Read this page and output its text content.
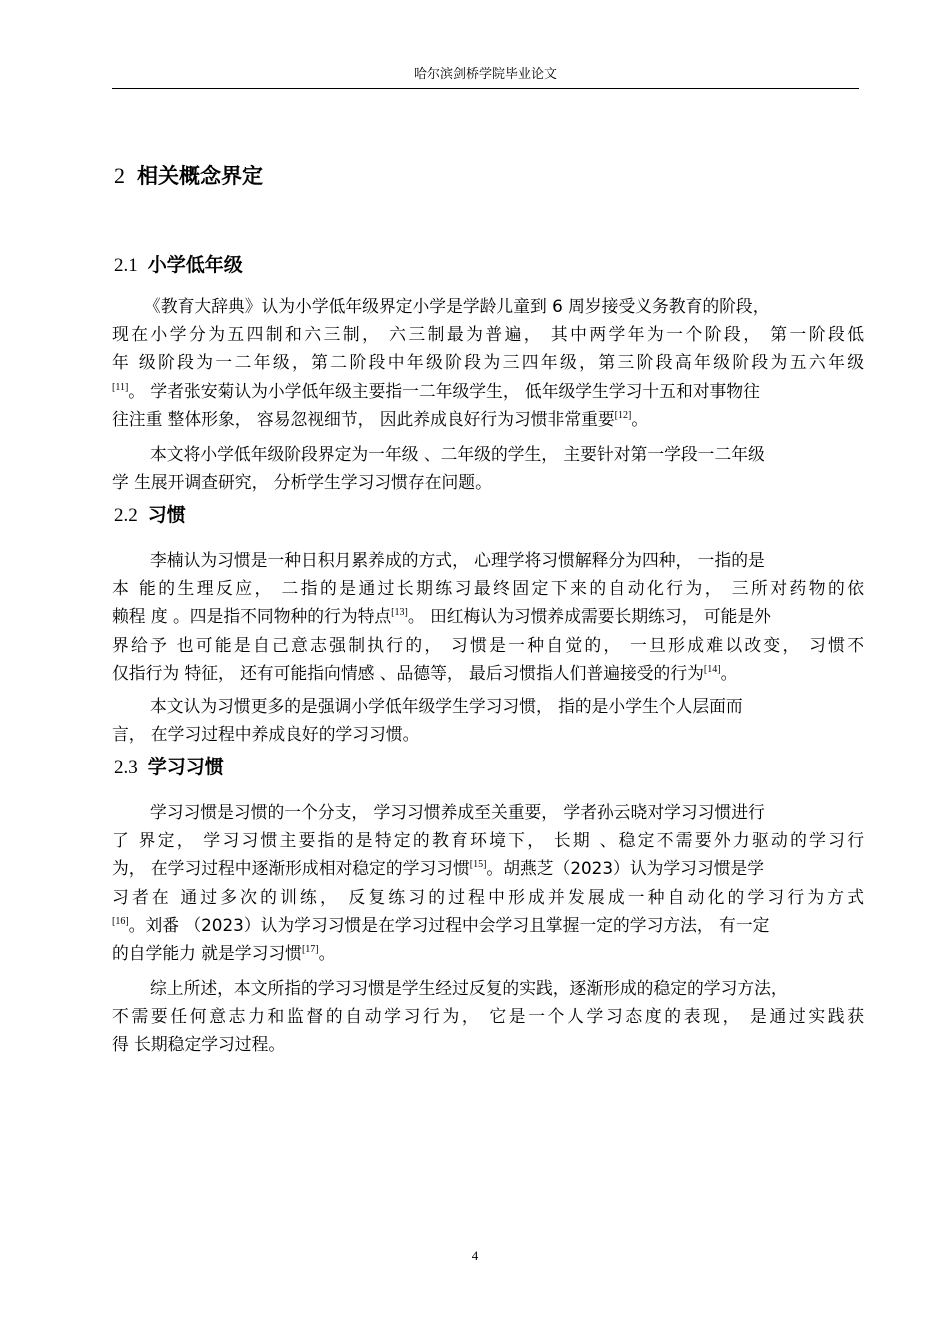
哈尔滨剑桥学院毕业论文
2 相关概念界定
2.1 小学低年级
《教育大辞典》认为小学低年级界定小学是学龄儿童到 6 周岁接受义务教育的阶段，
现在小学分为五四制和六三制， 六三制最为普遍， 其中两学年为一个阶段， 第一阶段低
年 级阶段为一二年级，第二阶段中年级阶段为三四年级，第三阶段高年级阶段为五六年级
[11]。 学者张安菊认为小学低年级主要指一二年级学生， 低年级学生学习十五和对事物往
往注重 整体形象， 容易忽视细节， 因此养成良好行为习惯非常重要[12]。
本文将小学低年级阶段界定为一年级 、二年级的学生， 主要针对第一学段一二年级
学 生展开调查研究， 分析学生学习习惯存在问题。
2.2 习惯
李楠认为习惯是一种日积月累养成的方式， 心理学将习惯解释分为四种， 一指的是
本 能的生理反应， 二指的是通过长期练习最终固定下来的自动化行为， 三所对药物的依
赖程 度 。四是指不同物种的行为特点[13]。 田红梅认为习惯养成需要长期练习， 可能是外
界给予 也可能是自己意志强制执行的， 习惯是一种自觉的， 一旦形成难以改变， 习惯不
仅指行为 特征， 还有可能指向情感 、品德等， 最后习惯指人们普遍接受的行为[14]。
本文认为习惯更多的是强调小学低年级学生学习习惯， 指的是小学生个人层面而
言， 在学习过程中养成良好的学习习惯。
2.3 学习习惯
学习习惯是习惯的一个分支， 学习习惯养成至关重要， 学者孙云晓对学习习惯进行
了 界定， 学习习惯主要指的是特定的教育环境下， 长期 、稳定不需要外力驱动的学习行
为， 在学习过程中逐渐形成相对稳定的学习习惯[15]。胡燕芝（2023）认为学习习惯是学
习者在 通过多次的训练， 反复练习的过程中形成并发展成一种自动化的学习行为方式
[16]。刘番 （2023）认为学习习惯是在学习过程中会学习且掌握一定的学习方法， 有一定
的自学能力 就是学习习惯[17]。
综上所述，本文所指的学习习惯是学生经过反复的实践，逐渐形成的稳定的学习方法，
不需要任何意志力和监督的自动学习行为， 它是一个人学习态度的表现， 是通过实践获
得 长期稳定学习过程。
4
